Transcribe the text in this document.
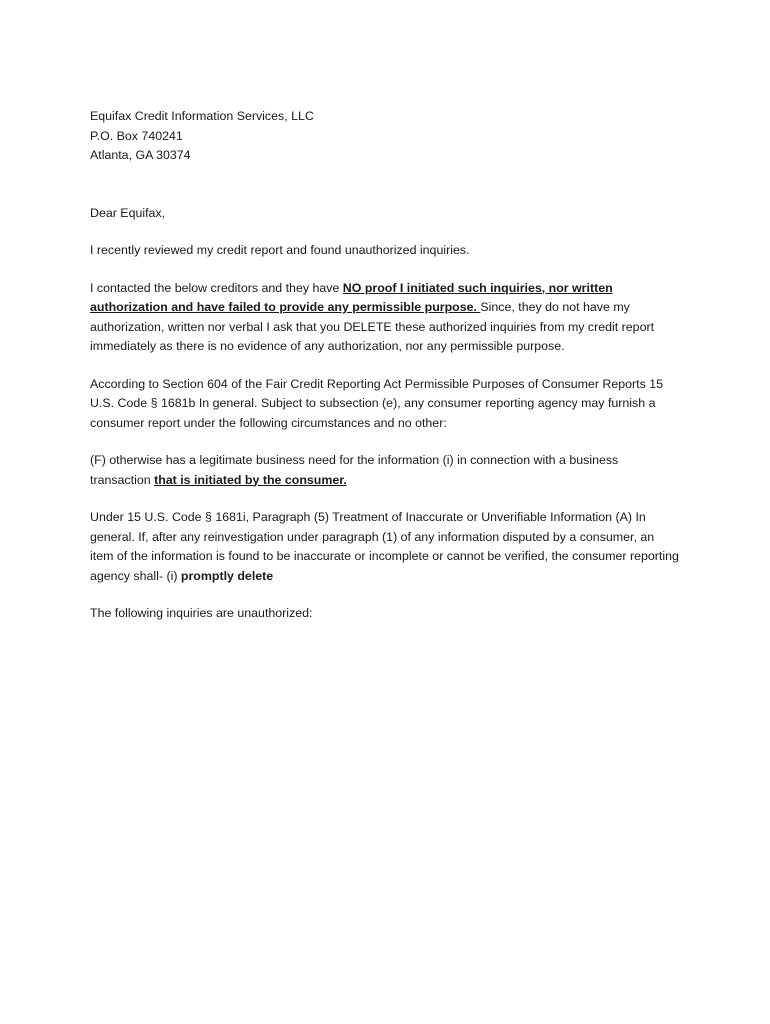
Equifax Credit Information Services, LLC
P.O. Box 740241
Atlanta, GA 30374

Dear Equifax,

I recently reviewed my credit report and found unauthorized inquiries.

I contacted the below creditors and they have NO proof I initiated such inquiries, nor written authorization and have failed to provide any permissible purpose. Since, they do not have my authorization, written nor verbal I ask that you DELETE these authorized inquiries from my credit report immediately as there is no evidence of any authorization, nor any permissible purpose.

According to Section 604 of the Fair Credit Reporting Act Permissible Purposes of Consumer Reports 15 U.S. Code § 1681b In general. Subject to subsection (e), any consumer reporting agency may furnish a consumer report under the following circumstances and no other:

(F) otherwise has a legitimate business need for the information (i) in connection with a business transaction that is initiated by the consumer.

Under 15 U.S. Code § 1681i, Paragraph (5) Treatment of Inaccurate or Unverifiable Information (A) In general. If, after any reinvestigation under paragraph (1) of any information disputed by a consumer, an item of the information is found to be inaccurate or incomplete or cannot be verified, the consumer reporting agency shall- (i) promptly delete

The following inquiries are unauthorized:
